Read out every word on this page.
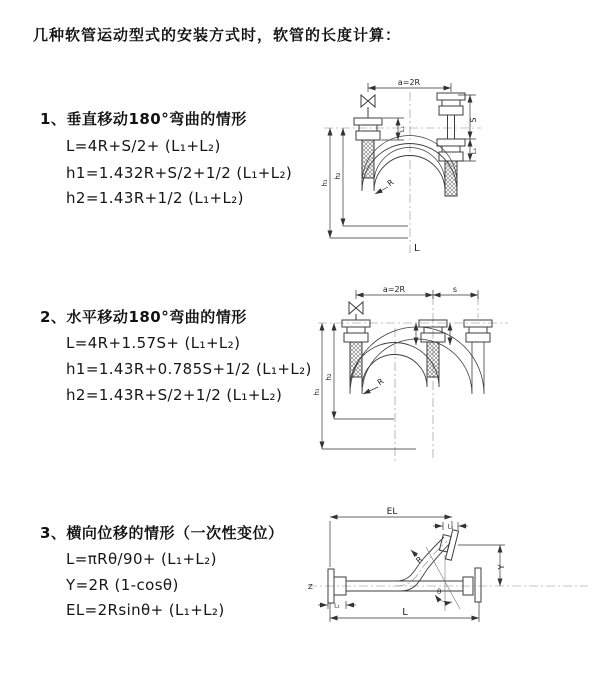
几种软管运动型式的安装方式时，软管的长度计算：
1、垂直移动180°弯曲的情形
L=4R+S/2+ (L₁+L₂)
h1=1.432R+S/2+1/2 (L₁+L₂)
h2=1.43R+1/2 (L₁+L₂)
2、水平移动180°弯曲的情形
L=4R+1.57S+ (L₁+L₂)
h1=1.43R+0.785S+1/2 (L₁+L₂)
h2=1.43R+S/2+1/2 (L₁+L₂)
3、横向位移的情形（一次性变位）
L=πRθ/90+ (L₁+L₂)
Y=2R (1-cosθ)
EL=2Rsinθ+ (L₁+L₂)
a=2R
S
L₁
L₁
h₁
h₂
R
L
a=2R	s
h₁
h₂	R
EL
L₁
Y
R
θ
L
L₁
Z
